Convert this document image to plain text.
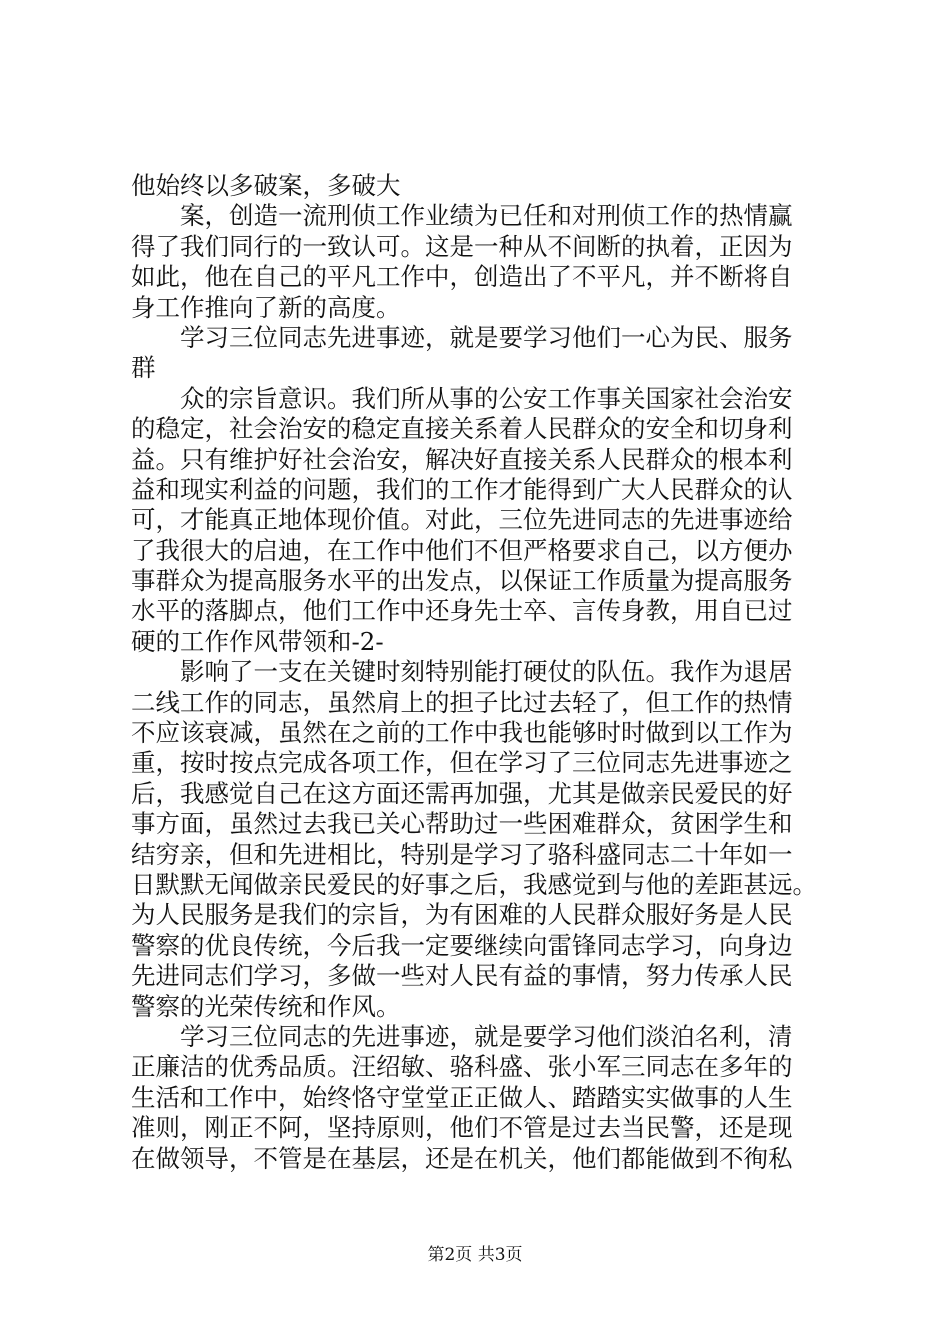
他始终以多破案，多破大
案，创造一流刑侦工作业绩为已任和对刑侦工作的热情赢
得了我们同行的一致认可。这是一种从不间断的执着，正因为
如此，他在自己的平凡工作中，创造出了不平凡，并不断将自
身工作推向了新的高度。
学习三位同志先进事迹，就是要学习他们一心为民、服务
群
众的宗旨意识。我们所从事的公安工作事关国家社会治安
的稳定，社会治安的稳定直接关系着人民群众的安全和切身利
益。只有维护好社会治安，解决好直接关系人民群众的根本利
益和现实利益的问题，我们的工作才能得到广大人民群众的认
可，才能真正地体现价值。对此，三位先进同志的先进事迹给
了我很大的启迪，在工作中他们不但严格要求自己，以方便办
事群众为提高服务水平的出发点，以保证工作质量为提高服务
水平的落脚点，他们工作中还身先士卒、言传身教，用自已过
硬的工作作风带领和-2-
影响了一支在关键时刻特别能打硬仗的队伍。我作为退居
二线工作的同志，虽然肩上的担子比过去轻了，但工作的热情
不应该衰减，虽然在之前的工作中我也能够时时做到以工作为
重，按时按点完成各项工作，但在学习了三位同志先进事迹之
后，我感觉自己在这方面还需再加强，尤其是做亲民爱民的好
事方面，虽然过去我已关心帮助过一些困难群众，贫困学生和
结穷亲，但和先进相比，特别是学习了骆科盛同志二十年如一
日默默无闻做亲民爱民的好事之后，我感觉到与他的差距甚远。
为人民服务是我们的宗旨，为有困难的人民群众服好务是人民
警察的优良传统，今后我一定要继续向雷锋同志学习，向身边
先进同志们学习，多做一些对人民有益的事情，努力传承人民
警察的光荣传统和作风。
学习三位同志的先进事迹，就是要学习他们淡泊名利，清
正廉洁的优秀品质。汪绍敏、骆科盛、张小军三同志在多年的
生活和工作中，始终恪守堂堂正正做人、踏踏实实做事的人生
准则，刚正不阿，坚持原则，他们不管是过去当民警，还是现
在做领导，不管是在基层，还是在机关，他们都能做到不徇私
第2页 共3页
